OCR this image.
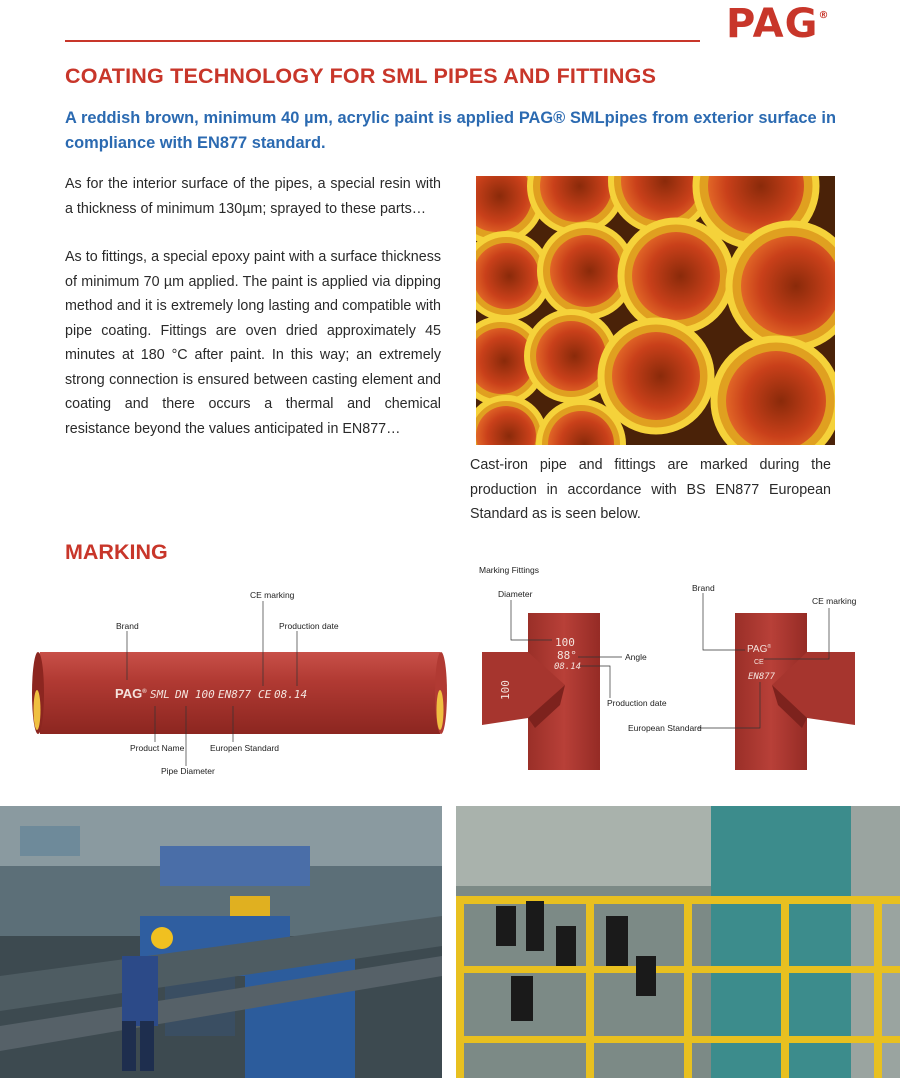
PAG®
COATING TECHNOLOGY FOR SML PIPES AND FITTINGS
A reddish brown, minimum 40 µm, acrylic paint is applied PAG® SMLpipes from exterior surface in compliance with EN877 standard.

As for the interior surface of the pipes, a special resin with a thickness of minimum 130µm; sprayed to these parts…

As to fittings, a special epoxy paint with a surface thickness of minimum 70 µm applied. The paint is applied via dipping method and it is extremely long lasting and compatible with pipe coating. Fittings are oven dried approximately 45 minutes at 180 °C after paint. In this way; an extremely strong connection is ensured between casting element and coating and there occurs a thermal and chemical resistance beyond the values anticipated in EN877…

Cast-iron pipe and fittings are marked during the production in accordance with BS EN877 European Standard as is seen below.
MARKING
PAG® SML DN 100 EN877 CE 08.14
Brand
CE marking
Production date
Product Name	Europen Standard
Pipe Diameter
Marking Fittings
100
88°
08.14
100
Diameter
Angle
Production date
PAG®
CE
EN877
Brand
CE marking
European Standard
